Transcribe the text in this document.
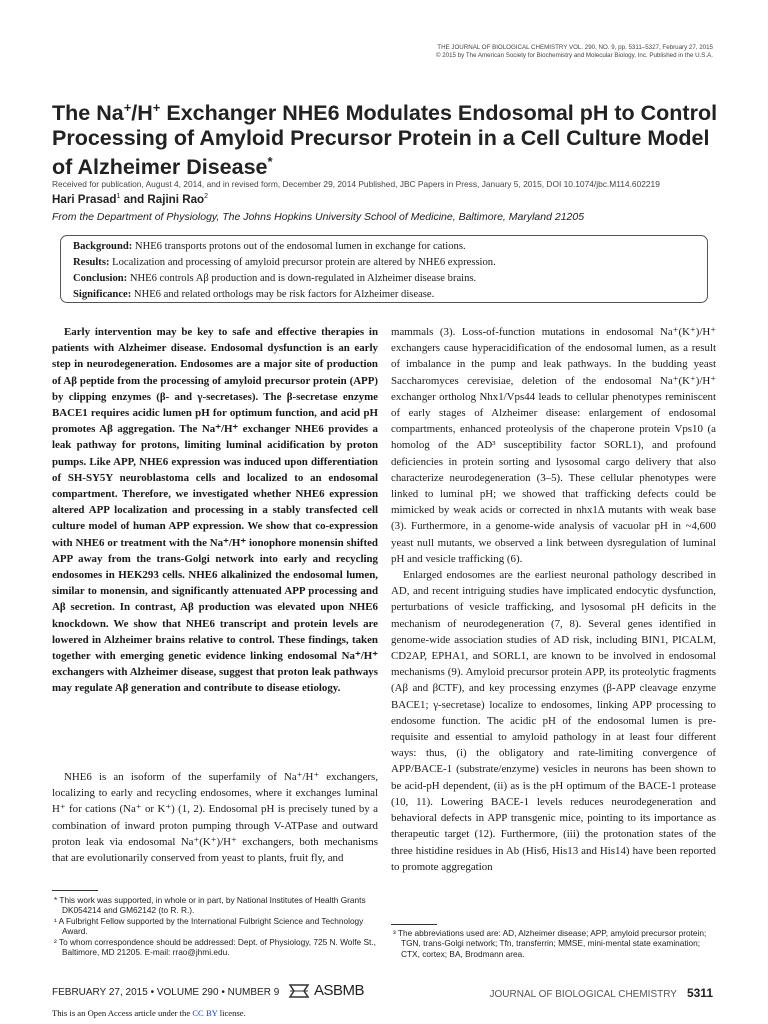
THE JOURNAL OF BIOLOGICAL CHEMISTRY VOL. 290, NO. 9, pp. 5311–5327, February 27, 2015
© 2015 by The American Society for Biochemistry and Molecular Biology, Inc. Published in the U.S.A.
The Na+/H+ Exchanger NHE6 Modulates Endosomal pH to Control Processing of Amyloid Precursor Protein in a Cell Culture Model of Alzheimer Disease*
Received for publication, August 4, 2014, and in revised form, December 29, 2014 Published, JBC Papers in Press, January 5, 2015, DOI 10.1074/jbc.M114.602219
Hari Prasad$^1$ and Rajini Rao$^2$
From the Department of Physiology, The Johns Hopkins University School of Medicine, Baltimore, Maryland 21205
Background: NHE6 transports protons out of the endosomal lumen in exchange for cations.
Results: Localization and processing of amyloid precursor protein are altered by NHE6 expression.
Conclusion: NHE6 controls Aβ production and is down-regulated in Alzheimer disease brains.
Significance: NHE6 and related orthologs may be risk factors for Alzheimer disease.

Early intervention may be key to safe and effective therapies in patients with Alzheimer disease. Endosomal dysfunction is an early step in neurodegeneration. Endosomes are a major site of production of Aβ peptide from the processing of amyloid precursor protein (APP) by clipping enzymes (β- and γ-secretases). The β-secretase enzyme BACE1 requires acidic lumen pH for optimum function, and acid pH promotes Aβ aggregation. The Na⁺/H⁺ exchanger NHE6 provides a leak pathway for protons, limiting luminal acidification by proton pumps. Like APP, NHE6 expression was induced upon differentiation of SH-SY5Y neuroblastoma cells and localized to an endosomal compartment. Therefore, we investigated whether NHE6 expression altered APP localization and processing in a stably transfected cell culture model of human APP expression. We show that co-expression with NHE6 or treatment with the Na⁺/H⁺ ionophore monensin shifted APP away from the trans-Golgi network into early and recycling endosomes in HEK293 cells. NHE6 alkalinized the endosomal lumen, similar to monensin, and significantly attenuated APP processing and Aβ secretion. In contrast, Aβ production was elevated upon NHE6 knockdown. We show that NHE6 transcript and protein levels are lowered in Alzheimer brains relative to control. These findings, taken together with emerging genetic evidence linking endosomal Na⁺/H⁺ exchangers with Alzheimer disease, suggest that proton leak pathways may regulate Aβ generation and contribute to disease etiology.

NHE6 is an isoform of the superfamily of Na⁺/H⁺ exchangers, localizing to early and recycling endosomes, where it exchanges luminal H⁺ for cations (Na⁺ or K⁺) (1, 2). Endosomal pH is precisely tuned by a combination of inward proton pumping through V-ATPase and outward proton leak via endosomal Na⁺(K⁺)/H⁺ exchangers, both mechanisms that are evolutionarily conserved from yeast to plants, fruit fly, and

mammals (3). Loss-of-function mutations in endosomal Na⁺(K⁺)/H⁺ exchangers cause hyperacidification of the endosomal lumen, as a result of imbalance in the pump and leak pathways. In the budding yeast Saccharomyces cerevisiae, deletion of the endosomal Na⁺(K⁺)/H⁺ exchanger ortholog Nhx1/Vps44 leads to cellular phenotypes reminiscent of early stages of Alzheimer disease: enlargement of endosomal compartments, enhanced proteolysis of the chaperone protein Vps10 (a homolog of the AD³ susceptibility factor SORL1), and profound deficiencies in protein sorting and lysosomal cargo delivery that also characterize neurodegeneration (3–5). These cellular phenotypes were linked to luminal pH; we showed that trafficking defects could be mimicked by weak acids or corrected in nhx1Δ mutants with weak base (3). Furthermore, in a genome-wide analysis of vacuolar pH in ~4,600 yeast null mutants, we observed a link between dysregulation of luminal pH and vesicle trafficking (6).

Enlarged endosomes are the earliest neuronal pathology described in AD, and recent intriguing studies have implicated endocytic dysfunction, perturbations of vesicle trafficking, and lysosomal pH deficits in the mechanism of neurodegeneration (7, 8). Several genes identified in genome-wide association studies of AD risk, including BIN1, PICALM, CD2AP, EPHA1, and SORL1, are known to be involved in endosomal mechanisms (9). Amyloid precursor protein APP, its proteolytic fragments (Aβ and βCTF), and key processing enzymes (β-APP cleavage enzyme BACE1; γ-secretase) localize to endosomes, linking APP processing to endosome function. The acidic pH of the endosomal lumen is pre-requisite and essential to amyloid pathology in at least four different ways: thus, (i) the obligatory and rate-limiting convergence of APP/BACE-1 (substrate/enzyme) vesicles in neurons has been shown to be acid-pH dependent, (ii) as is the pH optimum of the BACE-1 protease (10, 11). Lowering BACE-1 levels reduces neurodegeneration and behavioral defects in APP transgenic mice, pointing to its importance as therapeutic target (12). Furthermore, (iii) the protonation states of the three histidine residues in Ab (His6, His13 and His14) have been reported to promote aggregation

* This work was supported, in whole or in part, by National Institutes of Health Grants DK054214 and GM62142 (to R. R.).
¹ A Fulbright Fellow supported by the International Fulbright Science and Technology Award.
² To whom correspondence should be addressed: Dept. of Physiology, 725 N. Wolfe St., Baltimore, MD 21205. E-mail: rrao@jhmi.edu.
³ The abbreviations used are: AD, Alzheimer disease; APP, amyloid precursor protein; TGN, trans-Golgi network; Tfn, transferrin; MMSE, mini-mental state examination; CTX, cortex; BA, Brodmann area.
FEBRUARY 27, 2015 • VOLUME 290 • NUMBER 9 ASBMB	JOURNAL OF BIOLOGICAL CHEMISTRY 5311
This is an Open Access article under the CC BY license.
